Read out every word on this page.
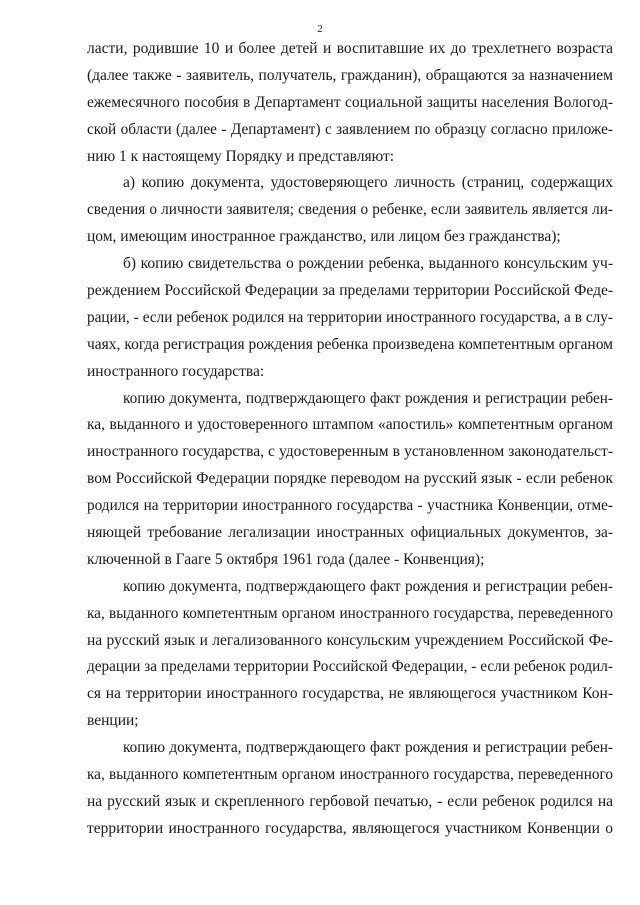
2
ласти, родившие 10 и более детей и воспитавшие их до трехлетнего возраста
(далее также - заявитель, получатель, гражданин), обращаются за назначением
ежемесячного пособия в Департамент социальной защиты населения Вологод-
ской области (далее - Департамент) с заявлением по образцу согласно приложе-
нию 1 к настоящему Порядку и представляют:
а) копию документа, удостоверяющего личность (страниц, содержащих
сведения о личности заявителя; сведения о ребенке, если заявитель является ли-
цом, имеющим иностранное гражданство, или лицом без гражданства);
б) копию свидетельства о рождении ребенка, выданного консульским уч-
реждением Российской Федерации за пределами территории Российской Феде-
рации, - если ребенок родился на территории иностранного государства, а в слу-
чаях, когда регистрация рождения ребенка произведена компетентным органом
иностранного государства:
копию документа, подтверждающего факт рождения и регистрации ребен-
ка, выданного и удостоверенного штампом «апостиль» компетентным органом
иностранного государства, с удостоверенным в установленном законодательст-
вом Российской Федерации порядке переводом на русский язык - если ребенок
родился на территории иностранного государства - участника Конвенции, отме-
няющей требование легализации иностранных официальных документов, за-
ключенной в Гааге 5 октября 1961 года (далее - Конвенция);
копию документа, подтверждающего факт рождения и регистрации ребен-
ка, выданного компетентным органом иностранного государства, переведенного
на русский язык и легализованного консульским учреждением Российской Фе-
дерации за пределами территории Российской Федерации, - если ребенок родил-
ся на территории иностранного государства, не являющегося участником Кон-
венции;
копию документа, подтверждающего факт рождения и регистрации ребен-
ка, выданного компетентным органом иностранного государства, переведенного
на русский язык и скрепленного гербовой печатью, - если ребенок родился на
территории иностранного государства, являющегося участником Конвенции о
